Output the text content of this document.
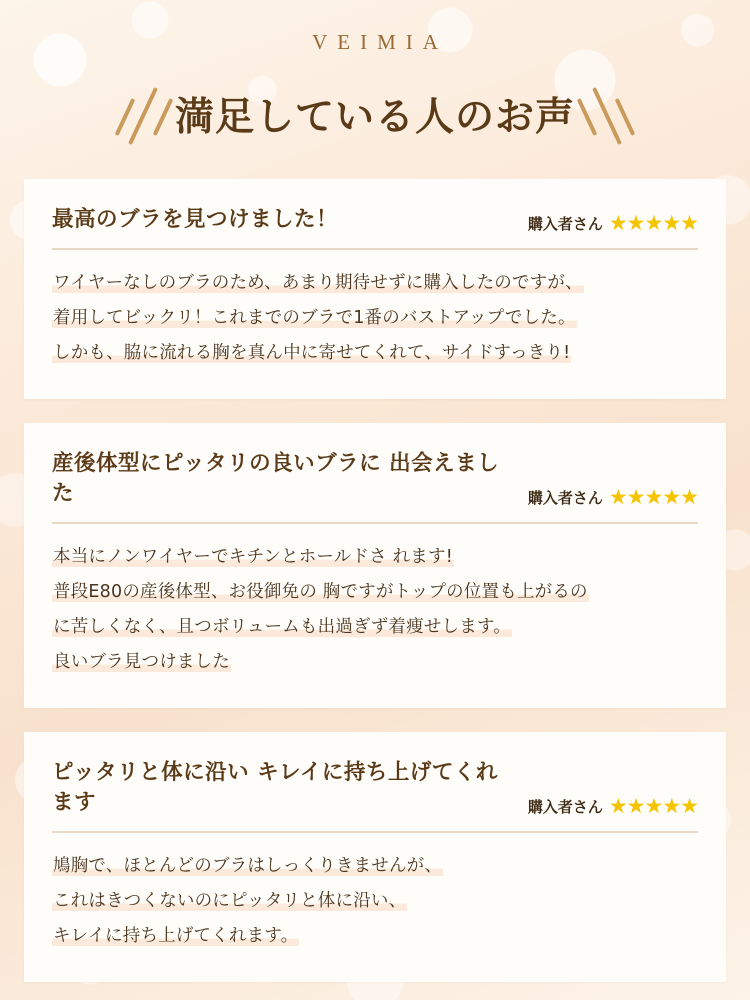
VEIMIA
満足している人のお声
最高のブラを見つけました！	購入者さん ★★★★★
ワイヤーなしのブラのため、あまり期待せずに購入したのですが、
着用してビックリ！これまでのブラで1番のバストアップでした。
しかも、脇に流れる胸を真ん中に寄せてくれて、サイドすっきり!
産後体型にピッタリの良いブラに 出会えました	購入者さん ★★★★★
本当にノンワイヤーでキチンとホールドさ れます!
普段E80の産後体型、お役御免の 胸ですがトップの位置も上がるの
に苦しくなく、且つボリュームも出過ぎず着痩せします。
良いブラ見つけました
ピッタリと体に沿い キレイに持ち上げてくれます	購入者さん ★★★★★
鳩胸で、ほとんどのブラはしっくりきませんが、
これはきつくないのにピッタリと体に沿い、
キレイに持ち上げてくれます。
